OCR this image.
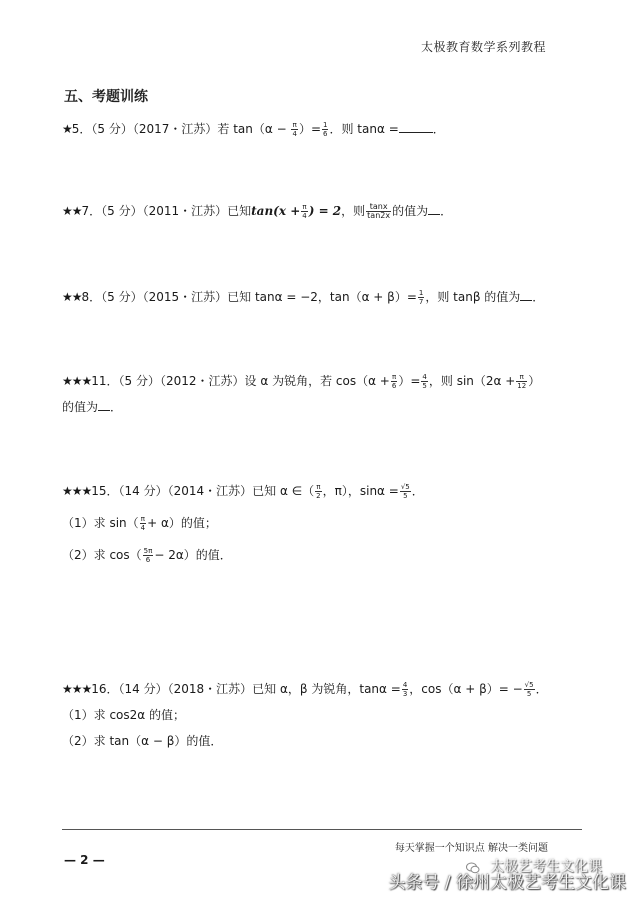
太极教育数学系列教程
五、考题训练
★5．（5 分）（2017・江苏）若 $\tan(\alpha - \frac{\pi}{4}$ ）= $\frac{1}{6}$ ．则 tanα =	．
★★7．（5 分）（2011・江苏）已知$\tan(x + \frac{\pi}{4}$ ) = 2，则 $\frac{\tan x}{\tan 2x}$ 的值为 ．
★★8．（5 分）（2015・江苏）已知 tanα = −2，$\tan(\alpha + \beta)= \frac{1}{7}$ ，则 tanβ 的值为 ．
★★★11．（5 分）（2012・江苏）设 α 为锐角，若 $\cos(\alpha + \frac{\pi}{6}$ ）= $\frac{4}{5}$ ，则 $\sin(2\alpha + \frac{\pi}{12}$ ）
的值为 ．
★★★15．（14 分）（2014・江苏）已知 α ∈（ $\frac{\pi}{2}$ ，π），$\sin\alpha = \frac{√5}{5}$ ．
（1）求 $\sin( \frac{\pi}{4} + \alpha)$的值；
（2）求 $\cos( \frac{5\pi}{6} - 2\alpha)$的值．
★★★16．（14 分）（2018・江苏）已知 α，β 为锐角，$\tan\alpha = \frac{4}{3}$ ，$\cos(\alpha + \beta)= - \frac{√5}{5}$ ．
（1）求 cos2α 的值；
（2）求 tan（α − β）的值．
每天掌握一个知识点 解决一类问题
— 2 —	太极艺考生文化课
头条号 / 徐州太极艺考生文化课
